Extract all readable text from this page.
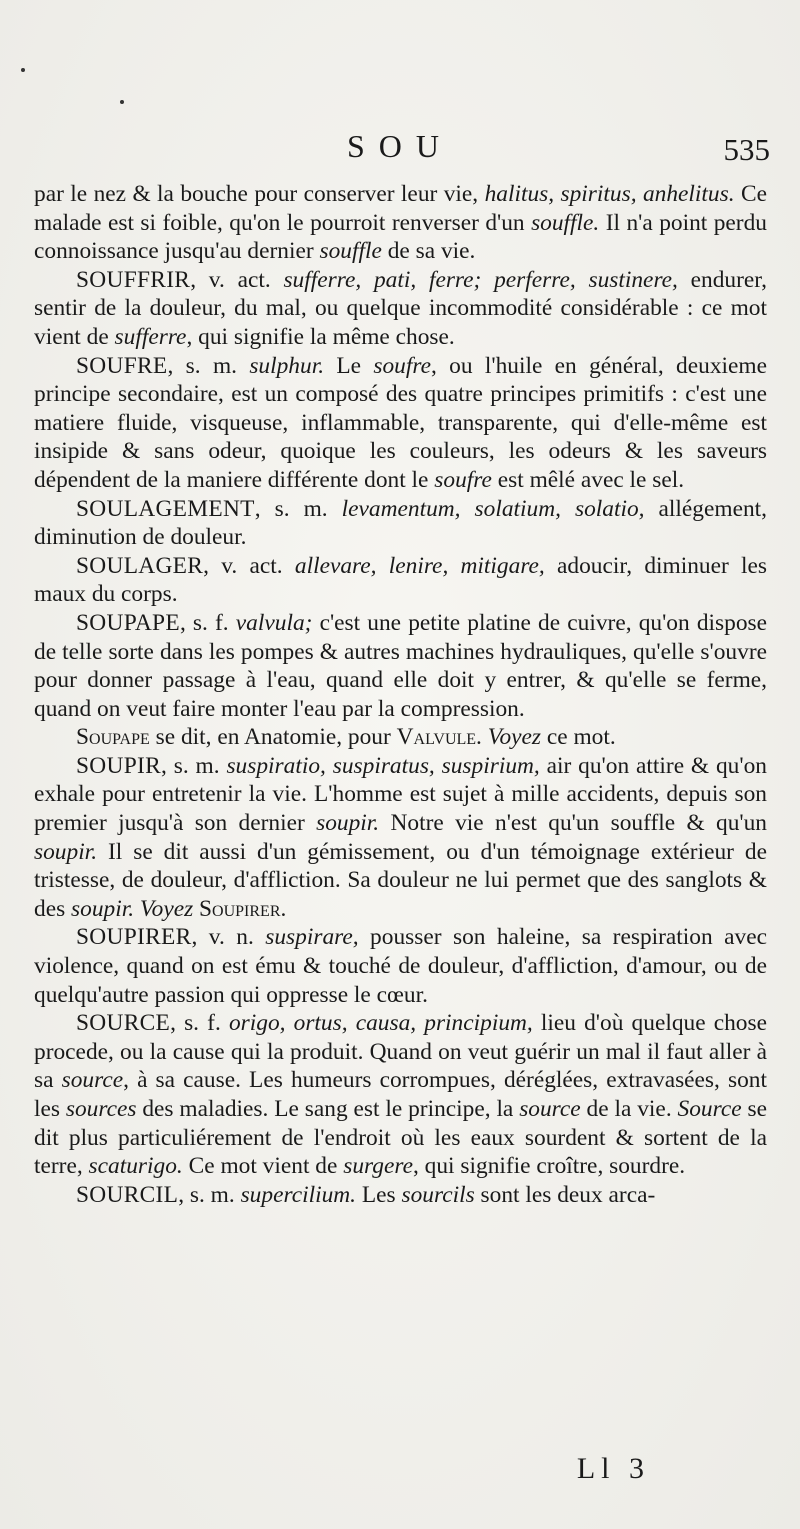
SOU	535

par le nez & la bouche pour conserver leur vie, halitus, spiritus, anhelitus. Ce malade est si foible, qu'on le pourroit renverser d'un souffle. Il n'a point perdu connoissance jusqu'au dernier souffle de sa vie.

SOUFFRIR, v. act. sufferre, pati, ferre; perferre, sustinere, endurer, sentir de la douleur, du mal, ou quelque incommodité considérable : ce mot vient de sufferre, qui signifie la même chose.

SOUFRE, s. m. sulphur. Le soufre, ou l'huile en général, deuxieme principe secondaire, est un composé des quatre principes primitifs : c'est une matiere fluide, visqueuse, inflammable, transparente, qui d'elle-même est insipide & sans odeur, quoique les couleurs, les odeurs & les saveurs dépendent de la maniere différente dont le soufre est mêlé avec le sel.

SOULAGEMENT, s. m. levamentum, solatium, solatio, allégement, diminution de douleur.

SOULAGER, v. act. allevare, lenire, mitigare, adoucir, diminuer les maux du corps.

SOUPAPE, s. f. valvula; c'est une petite platine de cuivre, qu'on dispose de telle sorte dans les pompes & autres machines hydrauliques, qu'elle s'ouvre pour donner passage à l'eau, quand elle doit y entrer, & qu'elle se ferme, quand on veut faire monter l'eau par la compression.

Soupape se dit, en Anatomie, pour Valvule. Voyez ce mot.

SOUPIR, s. m. suspiratio, suspiratus, suspirium, air qu'on attire & qu'on exhale pour entretenir la vie. L'homme est sujet à mille accidents, depuis son premier jusqu'à son dernier soupir. Notre vie n'est qu'un souffle & qu'un soupir. Il se dit aussi d'un gémissement, ou d'un témoignage extérieur de tristesse, de douleur, d'affliction. Sa douleur ne lui permet que des sanglots & des soupir. Voyez Soupirer.

SOUPIRER, v. n. suspirare, pousser son haleine, sa respiration avec violence, quand on est ému & touché de douleur, d'affliction, d'amour, ou de quelqu'autre passion qui oppresse le cœur.

SOURCE, s. f. origo, ortus, causa, principium, lieu d'où quelque chose procede, ou la cause qui la produit. Quand on veut guérir un mal il faut aller à sa source, à sa cause. Les humeurs corrompues, déréglées, extravasées, sont les sources des maladies. Le sang est le principe, la source de la vie. Source se dit plus particuliérement de l'endroit où les eaux sourdent & sortent de la terre, scaturigo. Ce mot vient de surgere, qui signifie croître, sourdre.

SOURCIL, s. m. supercilium. Les sourcils sont les deux arca-

Ll 3
